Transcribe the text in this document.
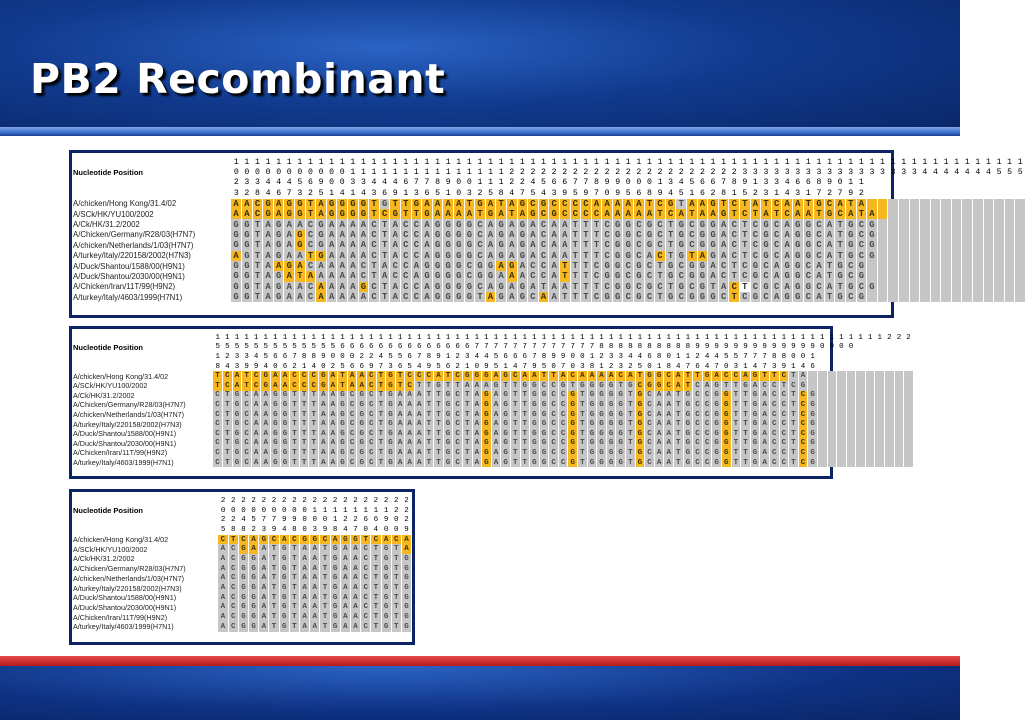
PB2 Recombinant
	1	1	1	1	1	1	1	1	1	1	1	1	1	1	1	1	1	1	1	1	1	1	1	1	1	1	1	1	1	1	1	1	1	1	1	1	1	1	1	1	1	1	1	1	1	1	1	1	1	1	1	1	1	1	1	1	1	1	1	1	1	1	1	1	1	1	1	1	1	1	1	1	1	1	1
Nucleotide Position	0	0	0	0	0	0	0	0	0	0	0	1	1	1	1	1	1	1	1	1	1	1	1	1	1	1	2	2	2	2	2	2	2	2	2	2	2	2	2	2	2	2	2	2	2	2	2	2	3	3	3	3	3	3	3	3	3	3	3	3	3	3	3	3	3	4	4	4	4	4	4	4	5	5	5
	2	3	3	4	4	4	5	6	9	0	0	3	3	4	4	4	6	7	7	8	9	0	0	1	1	1	2	2	4	5	6	6	7	7	8	9	9	0	0	0	1	3	4	5	6	6	7	8	9	1	3	3	4	6	6	8	9	0	1	1															
	3	2	8	4	6	7	3	2	5	1	4	1	4	3	6	9	1	3	6	5	1	0	3	2	5	8	4	7	5	4	3	9	5	9	7	0	9	5	6	8	9	4	5	1	6	2	8	1	5	2	3	1	4	3	1	7	2	7	9	2															
A/chicken/Hong Kong/31.4/02	A	A	C	G	A	G	G	T	A	G	G	G	G	T	G	T	T	G	A	A	A	A	T	G	A	T	A	G	C	G	C	C	C	C	A	A	A	A	A	T	C	G	T	A	A	G	T	C	T	A	T	C	A	A	T	G	C	A	T	A															
A/SCk/HK/YU100/2002	A	A	C	G	A	G	G	T	A	G	G	G	G	T	C	G	T	T	G	A	A	A	A	T	G	A	T	A	G	C	G	C	C	C	C	A	A	A	A	A	T	C	A	T	A	A	G	T	C	T	A	T	C	A	A	T	G	C	A	T	A														
A/Ck/HK/31.2/2002	G	G	T	A	G	A	A	C	G	A	A	A	A	C	T	A	C	C	A	G	G	G	G	C	A	G	A	G	A	C	A	A	T	T	T	C	G	G	C	G	C	T	G	C	G	G	A	C	T	C	G	C	A	G	G	C	A	T	G	C	G														
A/Chicken/Germany/R28/03(H7N7)	G	G	T	A	G	A	G	C	G	A	A	A	A	C	T	A	C	C	A	G	G	G	G	C	A	G	A	G	A	C	A	A	T	T	T	C	G	G	C	G	C	T	G	C	G	G	A	C	T	C	G	C	A	G	G	C	A	T	G	C	G														
A/chicken/Netherlands/1/03(H7N7)	G	G	T	A	G	A	G	C	G	A	A	A	A	C	T	A	C	C	A	G	G	G	G	C	A	G	A	G	A	C	A	A	T	T	T	C	G	G	C	G	C	T	G	C	G	G	A	C	T	C	G	C	A	G	G	C	A	T	G	C	G														
A/turkey/Italy/220158/2002(H7N3)	A	G	T	A	G	A	A	T	G	A	A	A	A	C	T	A	C	C	A	G	G	G	G	C	A	G	A	G	A	C	A	A	T	T	T	C	G	G	C	A	C	T	G	T	A	G	A	C	T	C	G	C	A	G	G	C	A	T	G	C	G														
A/Duck/Shantou/1588/00(H9N1)	G	G	T	A	A	G	A	C	A	A	A	A	C	T	A	C	C	A	G	G	G	G	C	G	G	A	G	A	C	C	A	T	T	T	C	G	G	C	G	C	T	G	C	G	G	A	C	T	C	G	C	A	G	G	C	A	T	G	C	G															
A/Duck/Shantou/2030/00(H9N1)	G	G	T	A	G	A	T	A	A	A	A	A	C	T	A	C	C	A	G	G	G	G	C	G	G	A	A	A	C	C	A	T	T	T	C	G	G	C	G	C	T	G	C	G	G	A	C	T	C	G	C	A	G	G	C	A	T	G	C	G															
A/Chicken/Iran/11T/99(H9N2)	G	G	T	A	G	A	A	C	A	A	A	A	G	C	T	A	C	C	A	G	G	G	G	C	A	G	A	G	A	T	A	A	T	T	T	C	G	G	C	G	C	T	G	C	G	T	A	C	T	C	G	C	A	G	G	C	A	T	G	C	G														
A/turkey/Italy/4603/1999(H7N1)	G	G	T	A	G	A	A	C	A	A	A	A	A	C	T	A	C	C	A	G	G	G	G	T	A	G	A	G	C	A	A	T	T	T	C	G	G	C	G	C	T	G	C	G	G	G	C	T	C	G	C	A	G	G	C	A	T	G	C	G															
	1	1	1	1	1	1	1	1	1	1	1	1	1	1	1	1	1	1	1	1	1	1	1	1	1	1	1	1	1	1	1	1	1	1	1	1	1	1	1	1	1	1	1	1	1	1	1	1	1	1	1	1	1	1	1	1	1	1	1	1	1	1	1	1	1	1	1	1	1	1	2	2	2
Nucleotide Position	5	5	5	5	5	5	5	5	5	5	5	5	5	6	6	6	6	6	6	6	6	6	6	6	6	6	6	7	7	7	7	7	7	7	7	7	7	7	7	7	8	8	8	8	8	8	8	8	8	8	9	9	9	9	9	9	9	9	9	9	9	9	9	0	0	0	0						
	1	2	3	3	4	5	6	6	7	8	8	9	0	0	0	2	2	4	5	5	6	7	8	9	1	2	3	4	4	5	6	6	6	7	8	9	9	0	0	1	2	3	3	4	4	6	8	0	1	1	2	4	4	5	5	7	7	7	8	8	0	0	1										
	8	4	3	9	9	4	0	6	2	1	4	0	2	5	6	6	9	7	3	6	5	4	9	5	6	2	1	0	9	5	1	4	7	9	5	0	7	0	3	8	1	2	3	2	5	0	1	8	4	7	6	4	7	0	3	1	4	7	3	9	1	4	6										
A/chicken/Hong Kong/31.4/02	T	C	A	T	C	G	A	A	C	C	C	G	A	T	A	A	C	T	G	T	C	C	C	A	T	C	G	G	G	A	G	C	A	A	T	T	A	C	A	A	A	A	C	A	T	G	G	C	A	T	T	G	A	C	C	A	G	T	T	C	T	A											
A/SCk/HK/YU100/2002	T	C	A	T	C	G	A	A	C	C	C	G	A	T	A	A	C	T	G	T	C	T	T	G	T	T	A	A	A	G	T	T	G	G	C	C	G	T	G	G	G	G	T	G	C	G	G	C	A	T	C	A	G	T	T	G	A	C	C	T	C	G											
A/Ck/HK/31.2/2002	C	T	G	C	A	A	G	G	T	T	T	A	A	G	C	G	C	T	G	A	A	A	T	T	G	C	T	A	G	A	G	T	T	G	G	C	C	G	T	G	G	G	G	T	G	C	A	A	T	G	C	C	G	G	T	T	G	A	C	C	T	C	G										
A/Chicken/Germany/R28/03(H7N7)	C	T	G	C	A	A	G	G	T	T	T	A	A	G	C	G	C	T	G	A	A	A	T	T	G	C	T	A	G	A	G	T	T	G	G	C	C	G	T	G	G	G	G	T	G	C	A	A	T	G	C	C	G	G	T	T	G	A	C	C	T	C	G										
A/chicken/Netherlands/1/03(H7N7)	C	T	G	C	A	A	G	G	T	T	T	A	A	G	C	G	C	T	G	A	A	A	T	T	G	C	T	A	G	A	G	T	T	G	G	C	C	G	T	G	G	G	G	T	G	C	A	A	T	G	C	C	G	G	T	T	G	A	C	C	T	C	G										
A/turkey/Italy/220158/2002(H7N3)	C	T	G	C	A	A	G	G	T	T	T	A	A	G	C	G	C	T	G	A	A	A	T	T	G	C	T	A	G	A	G	T	T	G	G	C	C	G	T	G	G	G	G	T	G	C	A	A	T	G	C	C	G	G	T	T	G	A	C	C	T	C	G										
A/Duck/Shantou/1588/00(H9N1)	C	T	G	C	A	A	G	G	T	T	T	A	A	G	C	G	C	T	G	A	A	A	T	T	G	C	T	A	G	A	G	T	T	G	G	C	C	G	T	G	G	G	G	T	G	C	A	A	T	G	C	C	G	G	T	T	G	A	C	C	T	C	G										
A/Duck/Shantou/2030/00(H9N1)	C	T	G	C	A	A	G	G	T	T	T	A	A	G	C	G	C	T	G	A	A	A	T	T	G	C	T	A	G	A	G	T	T	G	G	C	C	G	T	G	G	G	G	T	G	C	A	A	T	G	C	C	G	G	T	T	G	A	C	C	T	C	G										
A/Chicken/Iran/11T/99(H9N2)	C	T	G	C	A	A	G	G	T	T	T	A	A	G	C	G	C	T	G	A	A	A	T	T	G	C	T	A	G	A	G	T	T	G	G	C	C	G	T	G	G	G	G	T	G	C	A	A	T	G	C	C	G	G	T	T	G	A	C	C	T	C	G										
A/turkey/Italy/4603/1999(H7N1)	C	T	G	C	A	A	G	G	T	T	T	A	A	G	C	G	C	T	G	A	A	A	T	T	G	C	T	A	G	A	G	T	T	G	G	C	C	G	T	G	G	G	G	T	G	C	A	A	T	G	C	C	G	G	T	T	G	A	C	C	T	C	G										
	2	2	2	2	2	2	2	2	2	2	2	2	2	2	2	2	2	2	2
Nucleotide Position	0	0	0	0	0	0	0	0	0	1	1	1	1	1	1	1	1	2	2
	2	2	4	5	7	7	9	9	0	0	0	1	2	2	6	6	9	0	2
	5	8	8	2	3	9	4	8	0	3	9	8	4	7	0	4	0	0	9
A/chicken/Hong Kong/31.4/02	C	T	C	A	G	C	A	C	G	G	C	A	G	G	T	C	A	C	A
A/SCk/HK/YU100/2002	A	C	G	A	A	T	G	T	A	A	T	G	A	A	C	T	G	T	A
A/Ck/HK/31.2/2002	A	C	G	G	A	T	G	T	A	A	T	G	A	A	C	T	G	T	G
A/Chicken/Germany/R28/03(H7N7)	A	C	G	G	A	T	G	T	A	A	T	G	A	A	C	T	G	T	G
A/chicken/Netherlands/1/03(H7N7)	A	C	G	G	A	T	G	T	A	A	T	G	A	A	C	T	G	T	G
A/turkey/Italy/220158/2002(H7N3)	A	C	G	G	A	T	G	T	A	A	T	G	A	A	C	T	G	T	G
A/Duck/Shantou/1588/00(H9N1)	A	C	G	G	A	T	G	T	A	A	T	G	A	A	C	T	G	T	G
A/Duck/Shantou/2030/00(H9N1)	A	C	G	G	A	T	G	T	A	A	T	G	A	A	C	T	G	T	G
A/Chicken/Iran/11T/99(H9N2)	A	C	G	G	A	T	G	T	A	A	T	G	A	A	C	T	G	T	G
A/turkey/Italy/4603/1999(H7N1)	A	C	G	G	A	T	G	T	A	A	T	G	A	A	C	T	G	T	G
